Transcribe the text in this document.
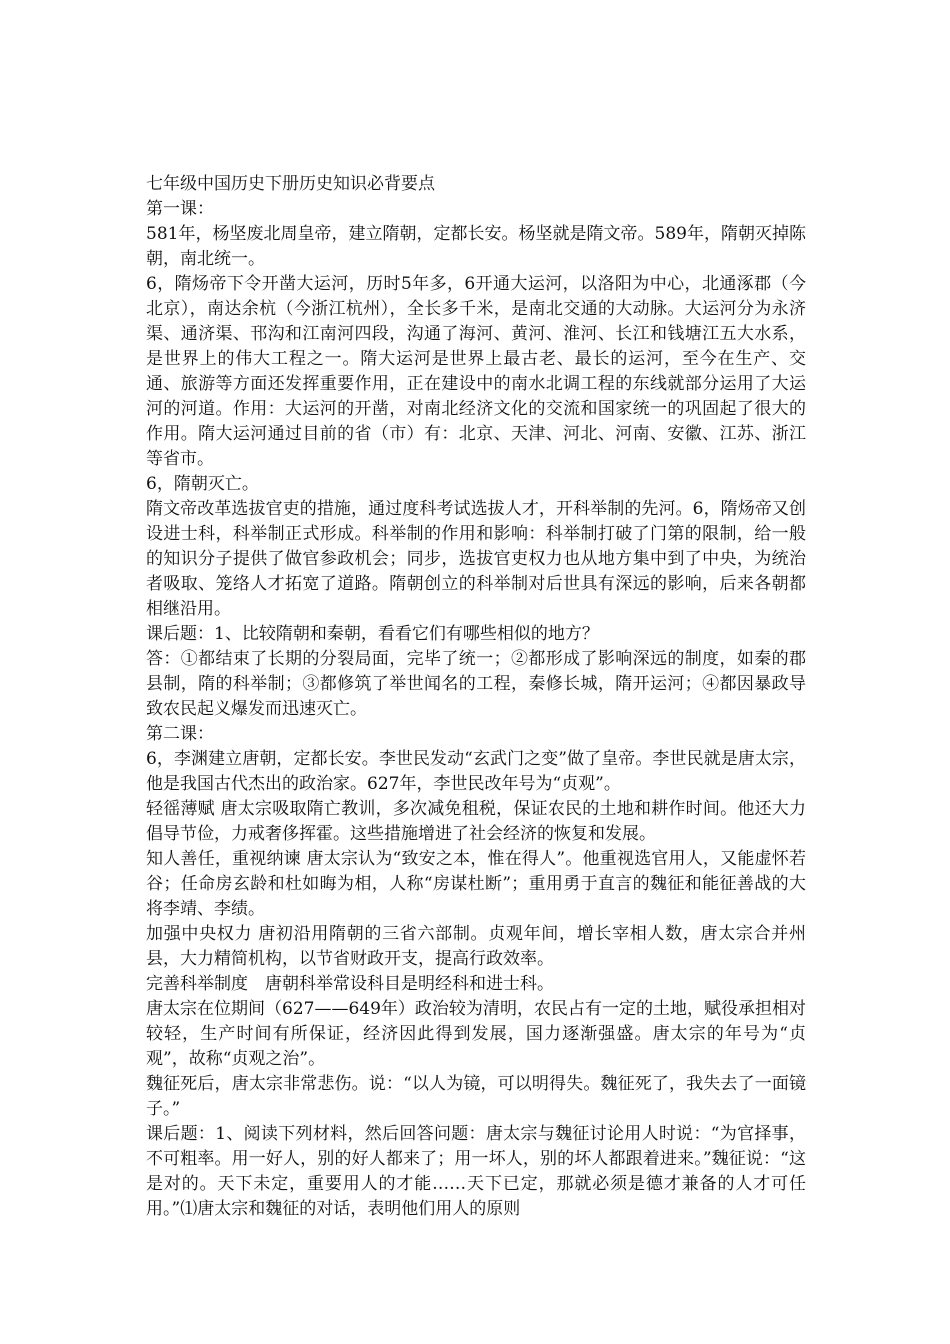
七年级中国历史下册历史知识必背要点

第一课：

581年，杨坚废北周皇帝，建立隋朝，定都长安。杨坚就是隋文帝。589年，隋朝灭掉陈朝，南北统一。

6，隋炀帝下令开凿大运河，历时5年多，6开通大运河，以洛阳为中心，北通涿郡（今北京），南达余杭（今浙江杭州），全长多千米，是南北交通的大动脉。大运河分为永济渠、通济渠、邗沟和江南河四段，沟通了海河、黄河、淮河、长江和钱塘江五大水系，是世界上的伟大工程之一。隋大运河是世界上最古老、最长的运河，至今在生产、交通、旅游等方面还发挥重要作用，正在建设中的南水北调工程的东线就部分运用了大运河的河道。作用：大运河的开凿，对南北经济文化的交流和国家统一的巩固起了很大的作用。隋大运河通过目前的省（市）有：北京、天津、河北、河南、安徽、江苏、浙江等省市。

6，隋朝灭亡。

隋文帝改革选拔官吏的措施，通过度科考试选拔人才，开科举制的先河。6，隋炀帝又创设进士科，科举制正式形成。科举制的作用和影响：科举制打破了门第的限制，给一般的知识分子提供了做官参政机会；同步，选拔官吏权力也从地方集中到了中央，为统治者吸取、笼络人才拓宽了道路。隋朝创立的科举制对后世具有深远的影响，后来各朝都相继沿用。

课后题：1、比较隋朝和秦朝，看看它们有哪些相似的地方？

答：①都结束了长期的分裂局面，完毕了统一；②都形成了影响深远的制度，如秦的郡县制，隋的科举制；③都修筑了举世闻名的工程，秦修长城，隋开运河；④都因暴政导致农民起义爆发而迅速灭亡。

第二课：

6，李渊建立唐朝，定都长安。李世民发动“玄武门之变”做了皇帝。李世民就是唐太宗，他是我国古代杰出的政治家。627年，李世民改年号为“贞观”。

轻徭薄赋 唐太宗吸取隋亡教训，多次减免租税，保证农民的土地和耕作时间。他还大力倡导节俭，力戒奢侈挥霍。这些措施增进了社会经济的恢复和发展。

知人善任，重视纳谏 唐太宗认为“致安之本，惟在得人”。他重视选官用人，又能虚怀若谷；任命房玄龄和杜如晦为相，人称“房谋杜断”；重用勇于直言的魏征和能征善战的大将李靖、李绩。

加强中央权力 唐初沿用隋朝的三省六部制。贞观年间，增长宰相人数，唐太宗合并州县，大力精简机构，以节省财政开支，提高行政效率。

完善科举制度　唐朝科举常设科目是明经科和进士科。

唐太宗在位期间（627——649年）政治较为清明，农民占有一定的土地，赋役承担相对较轻，生产时间有所保证，经济因此得到发展，国力逐渐强盛。唐太宗的年号为“贞观”，故称“贞观之治”。

魏征死后，唐太宗非常悲伤。说：“以人为镜，可以明得失。魏征死了，我失去了一面镜子。”

课后题：1、阅读下列材料，然后回答问题：唐太宗与魏征讨论用人时说：“为官择事，不可粗率。用一好人，别的好人都来了；用一坏人，别的坏人都跟着进来。”魏征说：“这是对的。天下未定，重要用人的才能……天下已定，那就必须是德才兼备的人才可任用。”⑴唐太宗和魏征的对话，表明他们用人的原则
